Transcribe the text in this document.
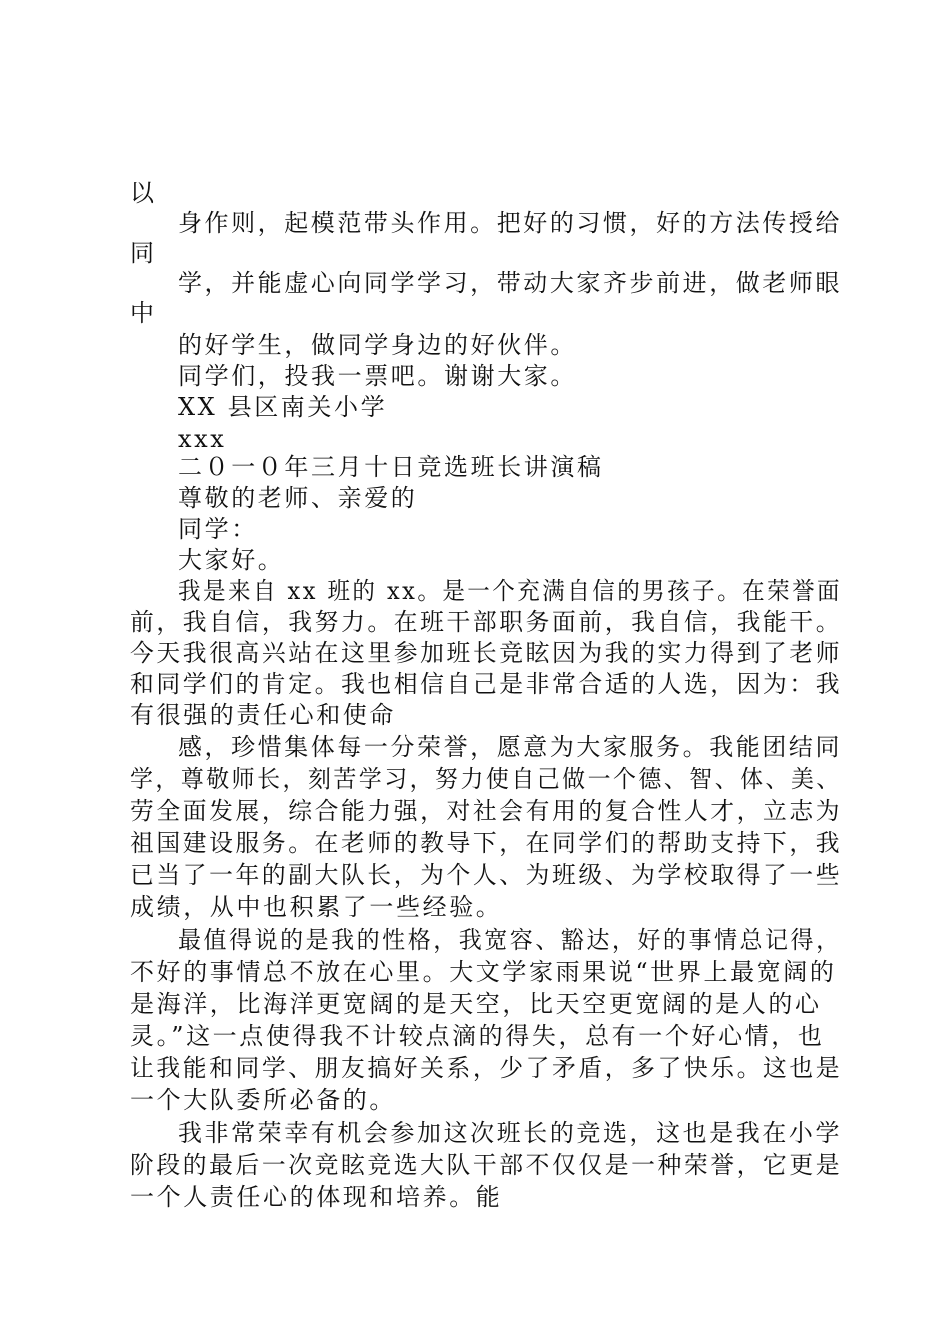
以
身作则，起模范带头作用。把好的习惯，好的方法传授给
同
学，并能虚心向同学学习，带动大家齐步前进，做老师眼
中
的好学生，做同学身边的好伙伴。
同学们，投我一票吧。谢谢大家。
XX 县区南关小学
xxx
二０一０年三月十日竞选班长讲演稿
尊敬的老师、亲爱的
同学：
大家好。
我是来自 xx 班的 xx。是一个充满自信的男孩子。在荣誉面
前，我自信，我努力。在班干部职务面前，我自信，我能干。
今天我很高兴站在这里参加班长竞眩因为我的实力得到了老师
和同学们的肯定。我也相信自己是非常合适的人选，因为：我
有很强的责任心和使命
感，珍惜集体每一分荣誉，愿意为大家服务。我能团结同
学，尊敬师长，刻苦学习，努力使自己做一个德、智、体、美、
劳全面发展，综合能力强，对社会有用的复合性人才，立志为
祖国建设服务。在老师的教导下，在同学们的帮助支持下，我
已当了一年的副大队长，为个人、为班级、为学校取得了一些
成绩，从中也积累了一些经验。
最值得说的是我的性格，我宽容、豁达，好的事情总记得，
不好的事情总不放在心里。大文学家雨果说“世界上最宽阔的
是海洋，比海洋更宽阔的是天空，比天空更宽阔的是人的心
灵。”这一点使得我不计较点滴的得失，总有一个好心情，也
让我能和同学、朋友搞好关系，少了矛盾，多了快乐。这也是
一个大队委所必备的。
我非常荣幸有机会参加这次班长的竞选，这也是我在小学
阶段的最后一次竞眩竞选大队干部不仅仅是一种荣誉，它更是
一个人责任心的体现和培养。能
